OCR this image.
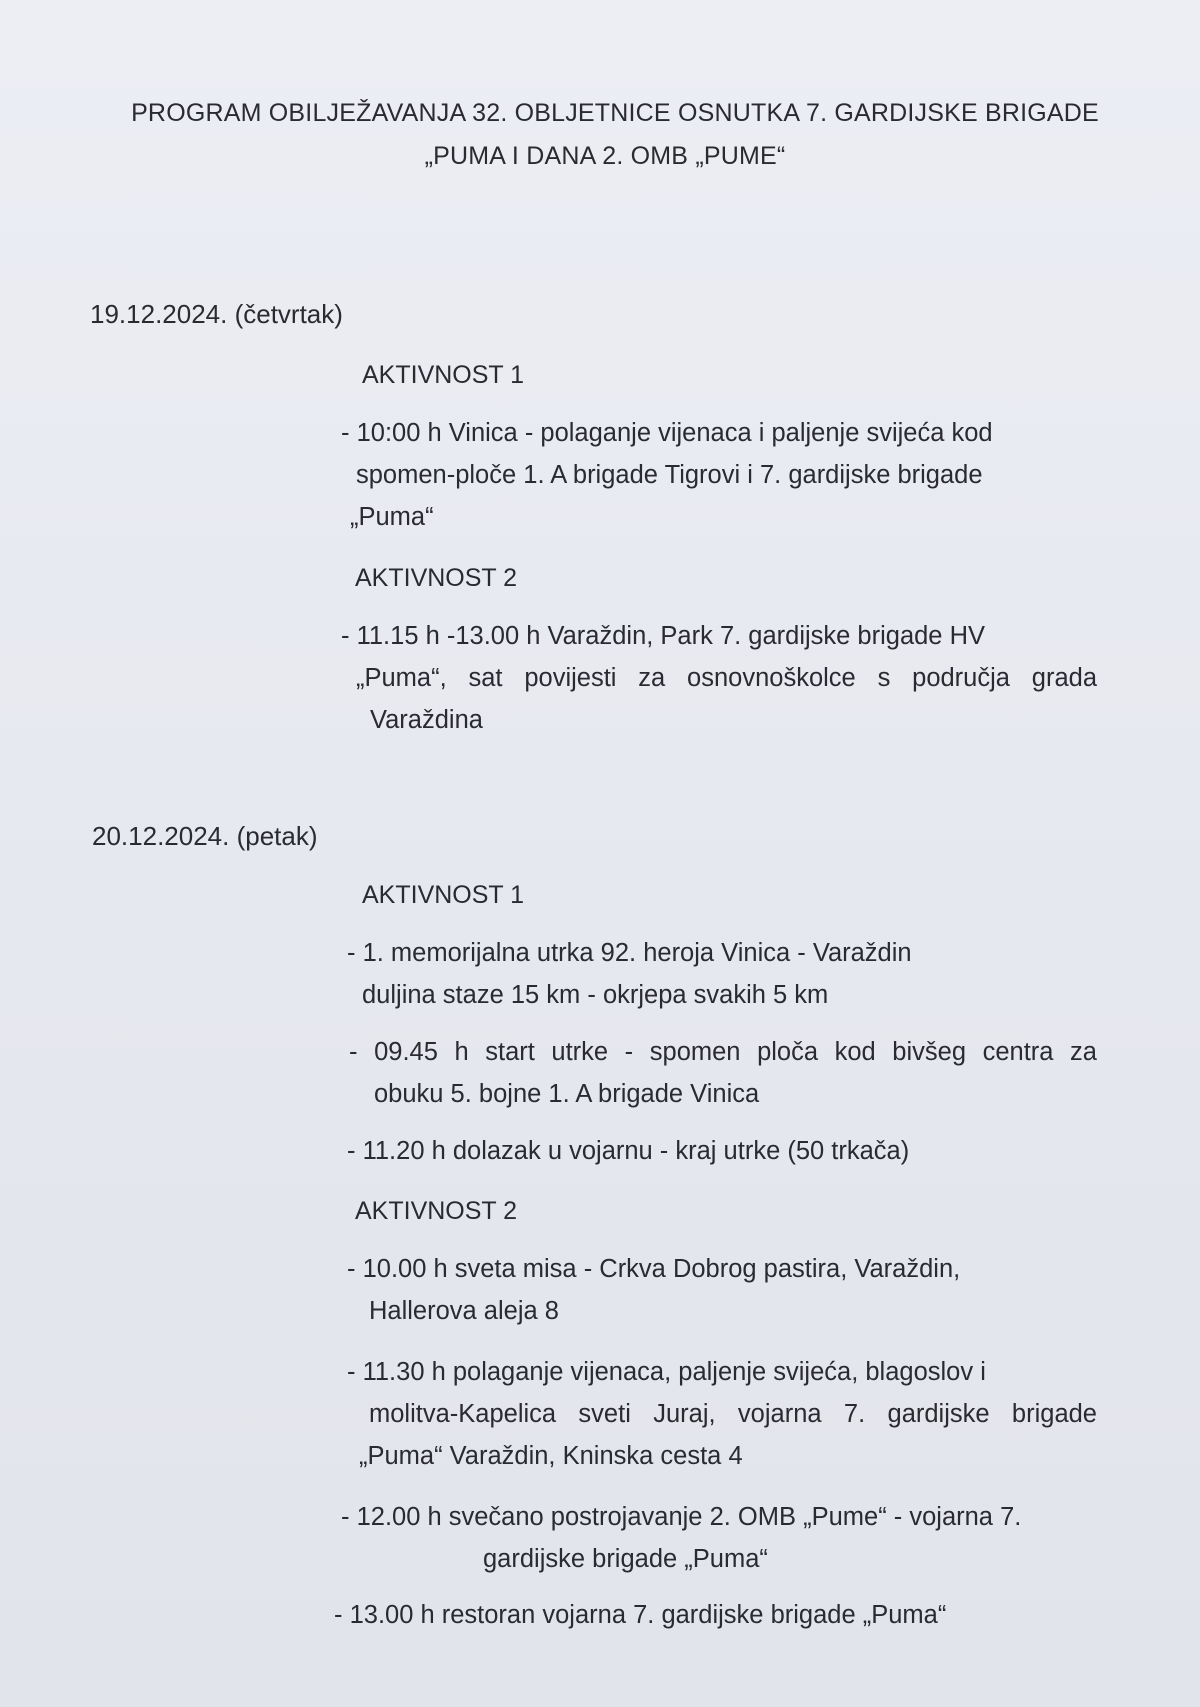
PROGRAM OBILJEŽAVANJA 32. OBLJETNICE OSNUTKA 7. GARDIJSKE BRIGADE
„PUMA I DANA 2. OMB „PUME“
19.12.2024. (četvrtak)
AKTIVNOST 1
- 10:00 h Vinica - polaganje vijenaca i paljenje svijeća kod
spomen-ploče 1. A brigade Tigrovi i 7. gardijske brigade
„Puma“
AKTIVNOST 2
- 11.15 h -13.00 h Varaždin, Park 7. gardijske brigade HV
„Puma“, sat povijesti za osnovnoškolce s područja grada
Varaždina
20.12.2024. (petak)
AKTIVNOST 1
- 1. memorijalna utrka 92. heroja Vinica - Varaždin
duljina staze 15 km - okrjepa svakih 5 km
- 09.45 h start utrke - spomen ploča kod bivšeg centra za
obuku 5. bojne 1. A brigade Vinica
- 11.20 h dolazak u vojarnu - kraj utrke (50 trkača)
AKTIVNOST 2
- 10.00 h sveta misa - Crkva Dobrog pastira, Varaždin,
Hallerova aleja 8
- 11.30 h polaganje vijenaca, paljenje svijeća, blagoslov i
molitva-Kapelica sveti Juraj, vojarna 7. gardijske brigade
„Puma“ Varaždin, Kninska cesta 4
- 12.00 h svečano postrojavanje 2. OMB „Pume“ - vojarna 7.
gardijske brigade „Puma“
- 13.00 h restoran vojarna 7. gardijske brigade „Puma“
